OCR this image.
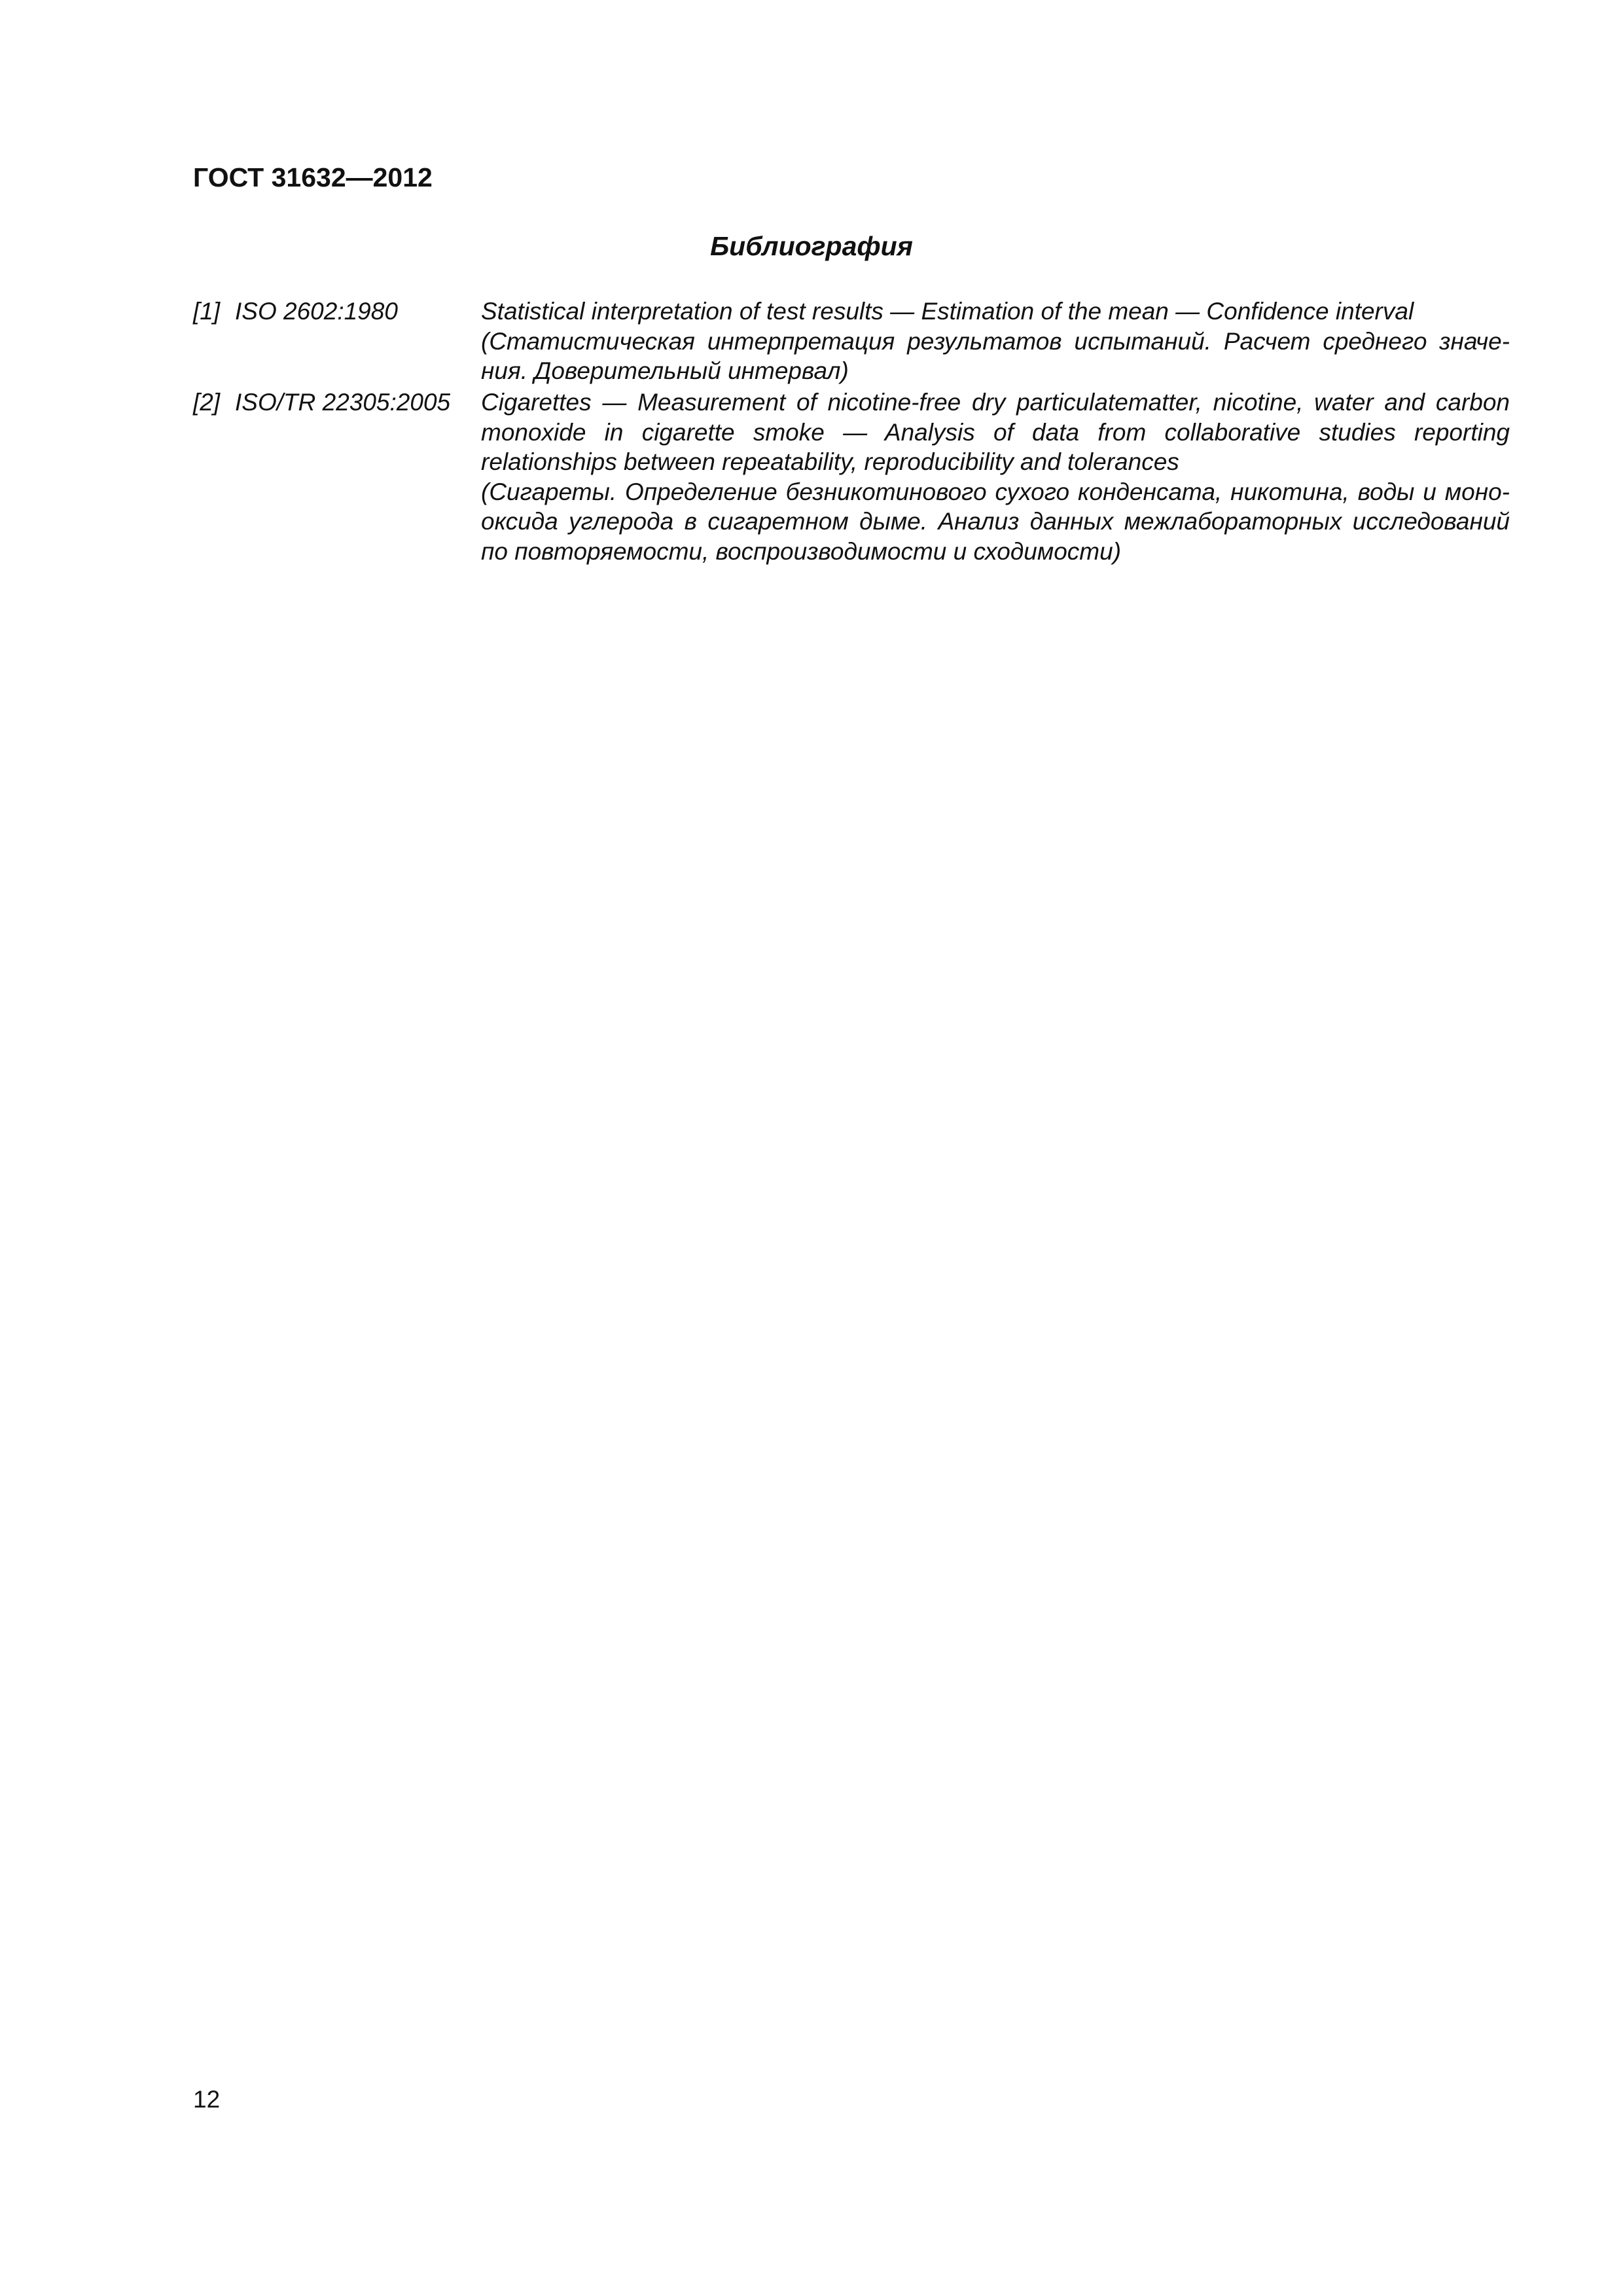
ГОСТ 31632—2012
Библиография
[1] ISO 2602:1980	Statistical interpretation of test results — Estimation of the mean — Confidence interval

(Статистическая интерпретация результатов испытаний. Расчет среднего значения. Доверительный интервал)

[2] ISO/TR 22305:2005 Cigarettes — Measurement of nicotine-free dry particulatematter, nicotine, water and carbon monoxide in cigarette smoke — Analysis of data from collaborative studies reporting relationships between repeatability, reproducibility and tolerances

(Сигареты. Определение безникотинового сухого конденсата, никотина, воды и монооксида углерода в сигаретном дыме. Анализ данных межлабораторных исследований по повторяемости, воспроизводимости и сходимости)

12
